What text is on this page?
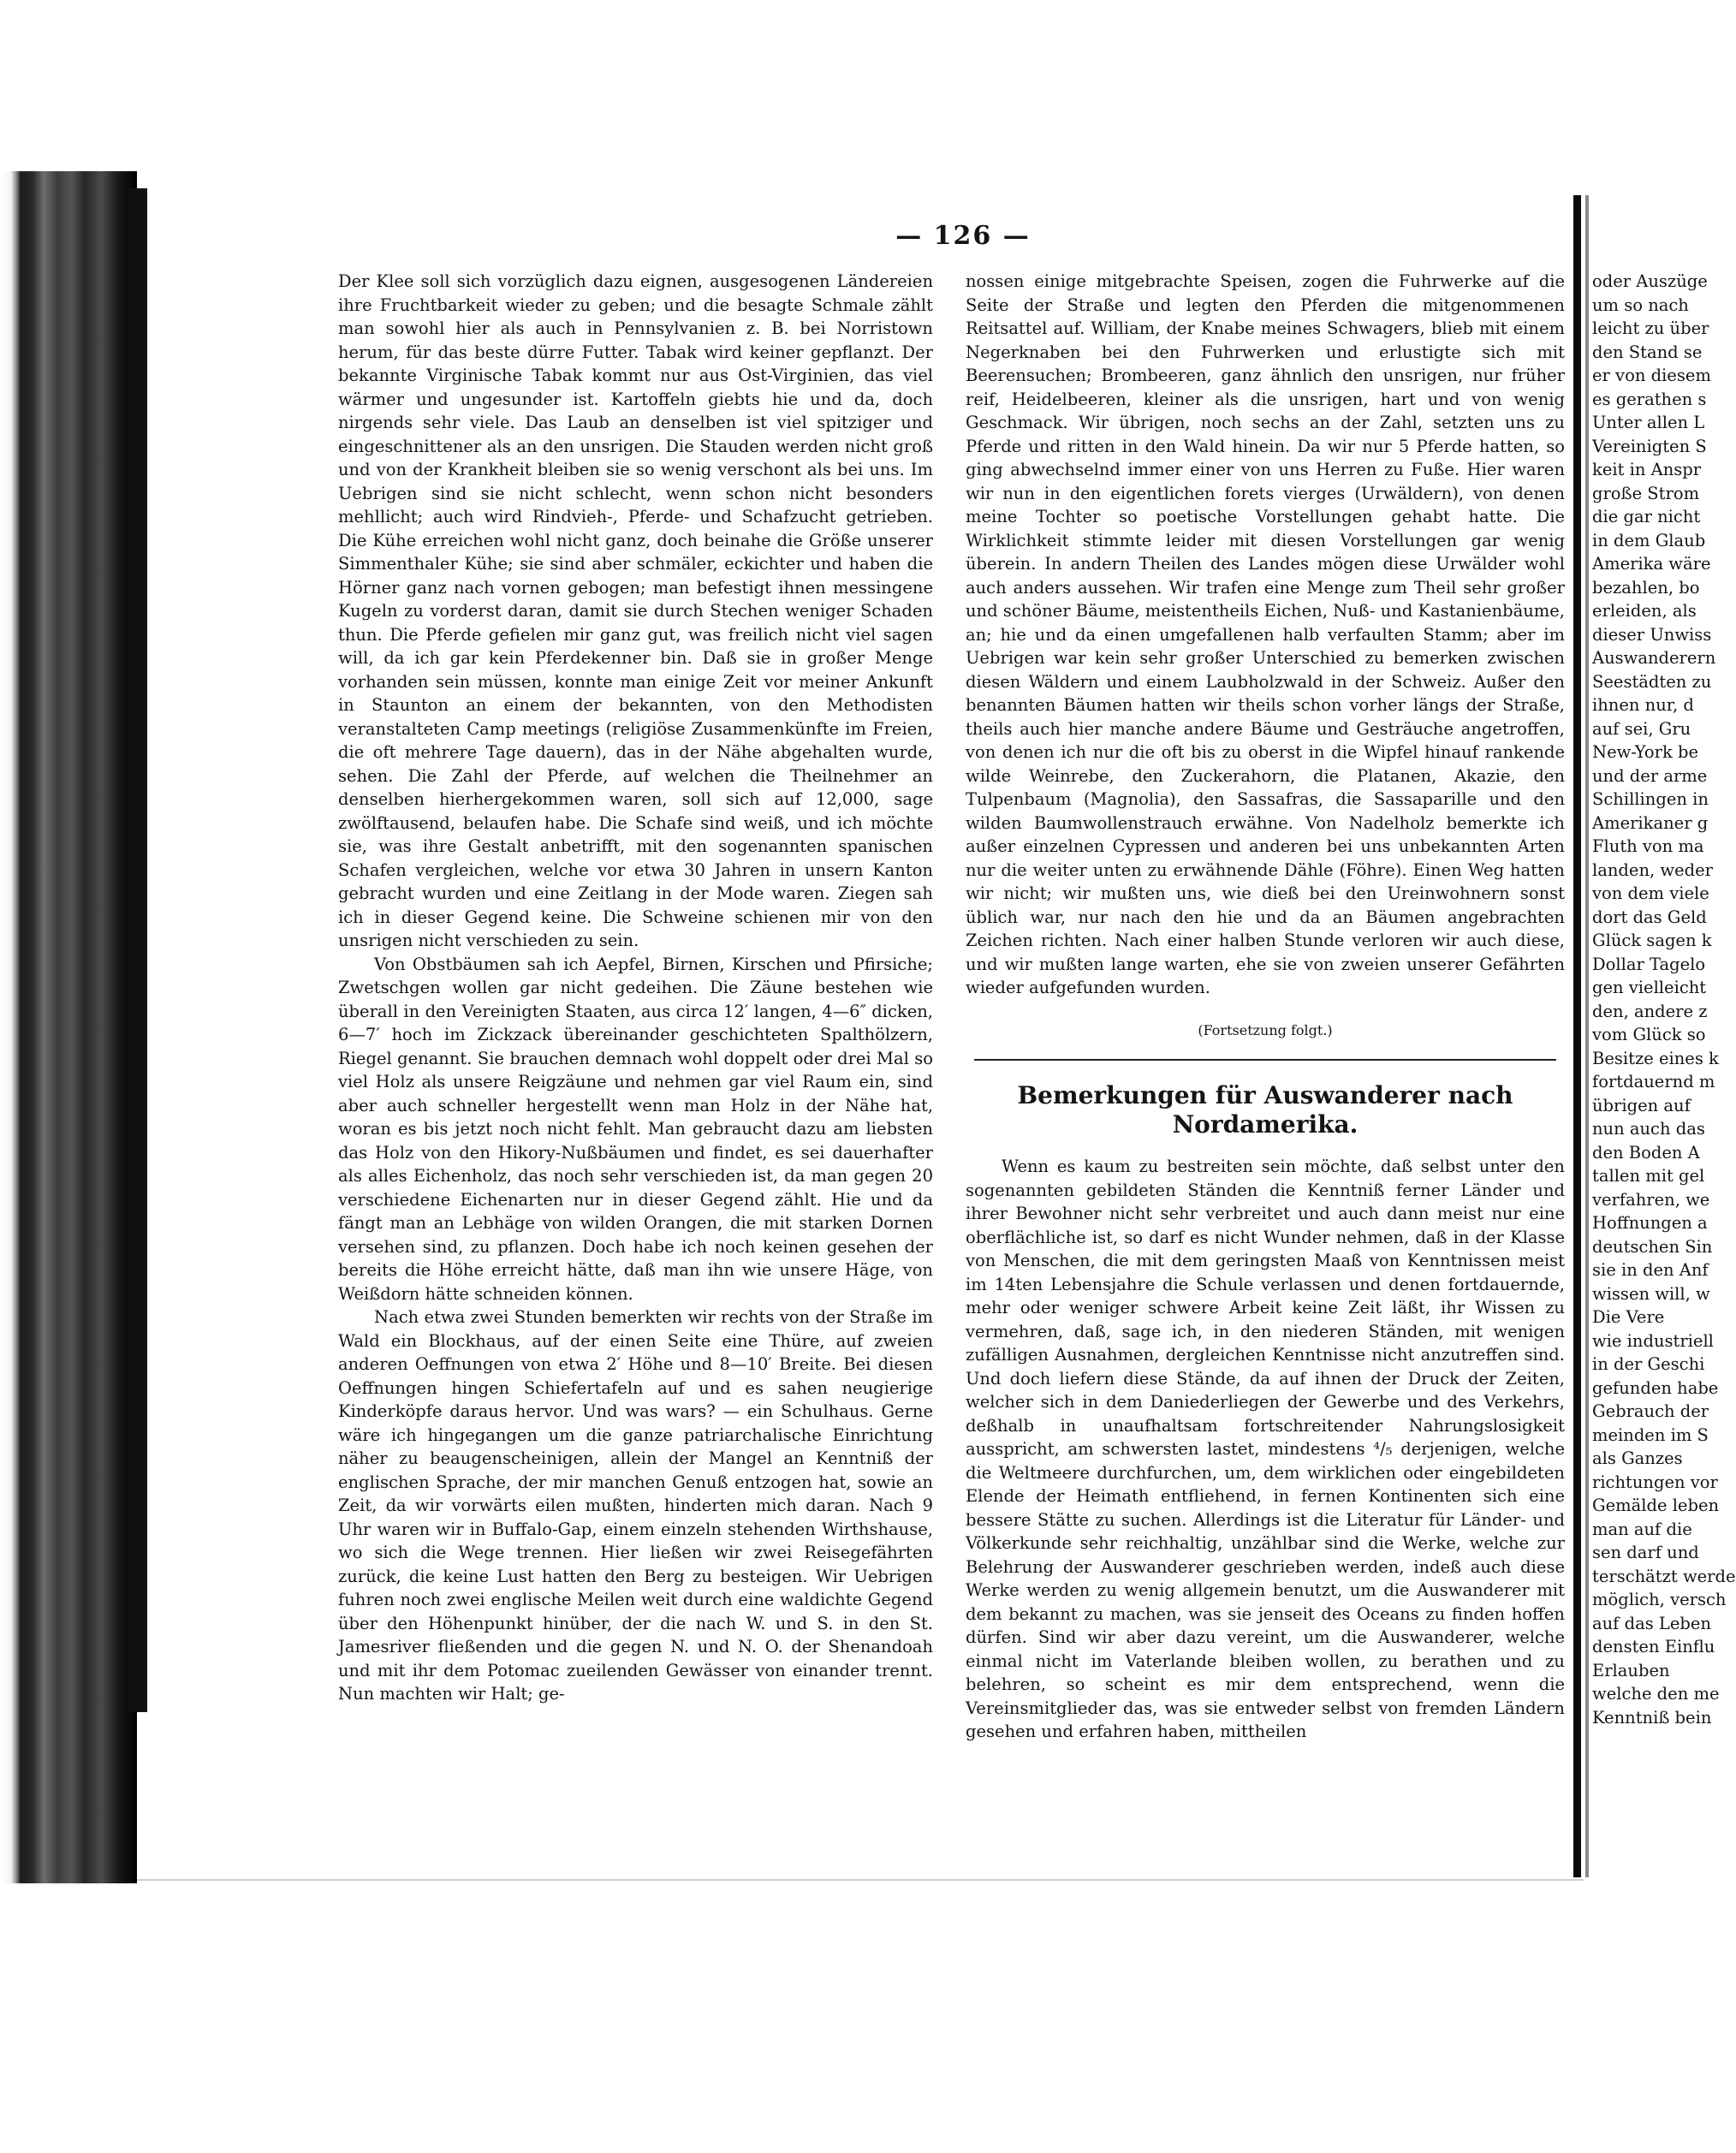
— 126 —

Der Klee soll sich vorzüglich dazu eignen, ausgesogenen Ländereien ihre Fruchtbarkeit wieder zu geben; und die besagte Schmale zählt man sowohl hier als auch in Pennsylvanien z. B. bei Norristown herum, für das beste dürre Futter. Tabak wird keiner gepflanzt. Der bekannte Virginische Tabak kommt nur aus Ost-Virginien, das viel wärmer und ungesunder ist. Kartoffeln giebts hie und da, doch nirgends sehr viele. Das Laub an denselben ist viel spitziger und eingeschnittener als an den unsrigen. Die Stauden werden nicht groß und von der Krankheit bleiben sie so wenig verschont als bei uns. Im Uebrigen sind sie nicht schlecht, wenn schon nicht besonders mehllicht; auch wird Rindvieh-, Pferde- und Schafzucht getrieben. Die Kühe erreichen wohl nicht ganz, doch beinahe die Größe unserer Simmenthaler Kühe; sie sind aber schmäler, eckichter und haben die Hörner ganz nach vornen gebogen; man befestigt ihnen messingene Kugeln zu vorderst daran, damit sie durch Stechen weniger Schaden thun. Die Pferde gefielen mir ganz gut, was freilich nicht viel sagen will, da ich gar kein Pferdekenner bin. Daß sie in großer Menge vorhanden sein müssen, konnte man einige Zeit vor meiner Ankunft in Staunton an einem der bekannten, von den Methodisten veranstalteten Camp meetings (religiöse Zusammenkünfte im Freien, die oft mehrere Tage dauern), das in der Nähe abgehalten wurde, sehen. Die Zahl der Pferde, auf welchen die Theilnehmer an denselben hierhergekommen waren, soll sich auf 12,000, sage zwölftausend, belaufen habe. Die Schafe sind weiß, und ich möchte sie, was ihre Gestalt anbetrifft, mit den sogenannten spanischen Schafen vergleichen, welche vor etwa 30 Jahren in unsern Kanton gebracht wurden und eine Zeitlang in der Mode waren. Ziegen sah ich in dieser Gegend keine. Die Schweine schienen mir von den unsrigen nicht verschieden zu sein.

Von Obstbäumen sah ich Aepfel, Birnen, Kirschen und Pfirsiche; Zwetschgen wollen gar nicht gedeihen. Die Zäune bestehen wie überall in den Vereinigten Staaten, aus circa 12′ langen, 4—6″ dicken, 6—7′ hoch im Zickzack übereinander geschichteten Spalthölzern, Riegel genannt. Sie brauchen demnach wohl doppelt oder drei Mal so viel Holz als unsere Reigzäune und nehmen gar viel Raum ein, sind aber auch schneller hergestellt wenn man Holz in der Nähe hat, woran es bis jetzt noch nicht fehlt. Man gebraucht dazu am liebsten das Holz von den Hikory-Nußbäumen und findet, es sei dauerhafter als alles Eichenholz, das noch sehr verschieden ist, da man gegen 20 verschiedene Eichenarten nur in dieser Gegend zählt. Hie und da fängt man an Lebhäge von wilden Orangen, die mit starken Dornen versehen sind, zu pflanzen. Doch habe ich noch keinen gesehen der bereits die Höhe erreicht hätte, daß man ihn wie unsere Häge, von Weißdorn hätte schneiden können.

Nach etwa zwei Stunden bemerkten wir rechts von der Straße im Wald ein Blockhaus, auf der einen Seite eine Thüre, auf zweien anderen Oeffnungen von etwa 2′ Höhe und 8—10′ Breite. Bei diesen Oeffnungen hingen Schiefertafeln auf und es sahen neugierige Kinderköpfe daraus hervor. Und was wars? — ein Schulhaus. Gerne wäre ich hingegangen um die ganze patriarchalische Einrichtung näher zu beaugenscheinigen, allein der Mangel an Kenntniß der englischen Sprache, der mir manchen Genuß entzogen hat, sowie an Zeit, da wir vorwärts eilen mußten, hinderten mich daran. Nach 9 Uhr waren wir in Buffalo-Gap, einem einzeln stehenden Wirthshause, wo sich die Wege trennen. Hier ließen wir zwei Reisegefährten zurück, die keine Lust hatten den Berg zu besteigen. Wir Uebrigen fuhren noch zwei englische Meilen weit durch eine waldichte Gegend über den Höhenpunkt hinüber, der die nach W. und S. in den St. Jamesriver fließenden und die gegen N. und N. O. der Shenandoah und mit ihr dem Potomac zueilenden Gewässer von einander trennt. Nun machten wir Halt; ge-

nossen einige mitgebrachte Speisen, zogen die Fuhrwerke auf die Seite der Straße und legten den Pferden die mitgenommenen Reitsattel auf. William, der Knabe meines Schwagers, blieb mit einem Negerknaben bei den Fuhrwerken und erlustigte sich mit Beerensuchen; Brombeeren, ganz ähnlich den unsrigen, nur früher reif, Heidelbeeren, kleiner als die unsrigen, hart und von wenig Geschmack. Wir übrigen, noch sechs an der Zahl, setzten uns zu Pferde und ritten in den Wald hinein. Da wir nur 5 Pferde hatten, so ging abwechselnd immer einer von uns Herren zu Fuße. Hier waren wir nun in den eigentlichen forets vierges (Urwäldern), von denen meine Tochter so poetische Vorstellungen gehabt hatte. Die Wirklichkeit stimmte leider mit diesen Vorstellungen gar wenig überein. In andern Theilen des Landes mögen diese Urwälder wohl auch anders aussehen. Wir trafen eine Menge zum Theil sehr großer und schöner Bäume, meistentheils Eichen, Nuß- und Kastanienbäume, an; hie und da einen umgefallenen halb verfaulten Stamm; aber im Uebrigen war kein sehr großer Unterschied zu bemerken zwischen diesen Wäldern und einem Laubholzwald in der Schweiz. Außer den benannten Bäumen hatten wir theils schon vorher längs der Straße, theils auch hier manche andere Bäume und Gesträuche angetroffen, von denen ich nur die oft bis zu oberst in die Wipfel hinauf rankende wilde Weinrebe, den Zuckerahorn, die Platanen, Akazie, den Tulpenbaum (Magnolia), den Sassafras, die Sassaparille und den wilden Baumwollenstrauch erwähne. Von Nadelholz bemerkte ich außer einzelnen Cypressen und anderen bei uns unbekannten Arten nur die weiter unten zu erwähnende Dähle (Föhre). Einen Weg hatten wir nicht; wir mußten uns, wie dieß bei den Ureinwohnern sonst üblich war, nur nach den hie und da an Bäumen angebrachten Zeichen richten. Nach einer halben Stunde verloren wir auch diese, und wir mußten lange warten, ehe sie von zweien unserer Gefährten wieder aufgefunden wurden.

(Fortsetzung folgt.)
Bemerkungen für Auswanderer nach Nordamerika.

Wenn es kaum zu bestreiten sein möchte, daß selbst unter den sogenannten gebildeten Ständen die Kenntniß ferner Länder und ihrer Bewohner nicht sehr verbreitet und auch dann meist nur eine oberflächliche ist, so darf es nicht Wunder nehmen, daß in der Klasse von Menschen, die mit dem geringsten Maaß von Kenntnissen meist im 14ten Lebensjahre die Schule verlassen und denen fortdauernde, mehr oder weniger schwere Arbeit keine Zeit läßt, ihr Wissen zu vermehren, daß, sage ich, in den niederen Ständen, mit wenigen zufälligen Ausnahmen, dergleichen Kenntnisse nicht anzutreffen sind. Und doch liefern diese Stände, da auf ihnen der Druck der Zeiten, welcher sich in dem Daniederliegen der Gewerbe und des Verkehrs, deßhalb in unaufhaltsam fortschreitender Nahrungslosigkeit ausspricht, am schwersten lastet, mindestens ⁴/₅ derjenigen, welche die Weltmeere durchfurchen, um, dem wirklichen oder eingebildeten Elende der Heimath entfliehend, in fernen Kontinenten sich eine bessere Stätte zu suchen. Allerdings ist die Literatur für Länder- und Völkerkunde sehr reichhaltig, unzählbar sind die Werke, welche zur Belehrung der Auswanderer geschrieben werden, indeß auch diese Werke werden zu wenig allgemein benutzt, um die Auswanderer mit dem bekannt zu machen, was sie jenseit des Oceans zu finden hoffen dürfen. Sind wir aber dazu vereint, um die Auswanderer, welche einmal nicht im Vaterlande bleiben wollen, zu berathen und zu belehren, so scheint es mir dem entsprechend, wenn die Vereinsmitglieder das, was sie entweder selbst von fremden Ländern gesehen und erfahren haben, mittheilen

oder Auszüge

um so nach

leicht zu über

den Stand se

er von diesem

es gerathen s

Unter allen L

Vereinigten S

keit in Anspr

große Strom

die gar nicht

in dem Glaub

Amerika wäre

bezahlen, bo

erleiden, als

dieser Unwiss

Auswanderern

Seestädten zu

ihnen nur, d

auf sei, Gru

New-York be

und der arme

Schillingen in

Amerikaner g

Fluth von ma

landen, weder

von dem viele

dort das Geld

Glück sagen k

Dollar Tagelo

gen vielleicht

den, andere z

vom Glück so

Besitze eines k

fortdauernd m

übrigen auf

nun auch das

den Boden A

tallen mit gel

verfahren, we

Hoffnungen a

deutschen Sin

sie in den Anf

wissen will, w

Die Vere

wie industriell

in der Geschi

gefunden habe

Gebrauch der

meinden im S

als Ganzes

richtungen vor

Gemälde leben

man auf die

sen darf und

terschätzt werde

möglich, versch

auf das Leben

densten Einflu

Erlauben

welche den me

Kenntniß bein
